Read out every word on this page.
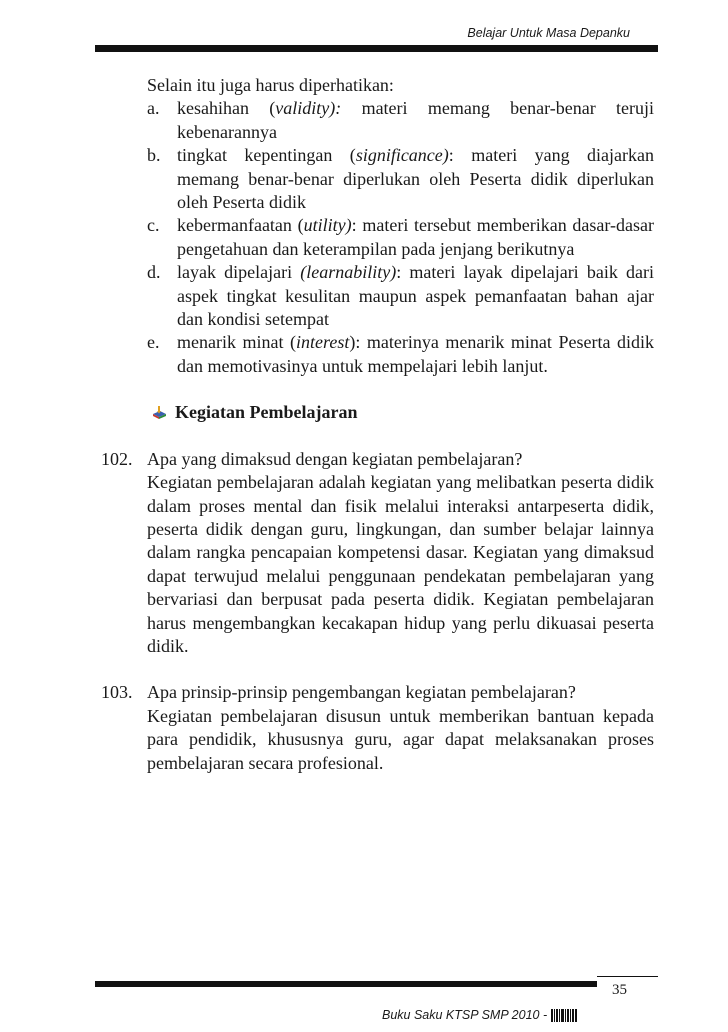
Belajar Untuk Masa Depanku
Selain itu juga harus diperhatikan:
a. kesahihan (validity): materi memang benar-benar teruji kebenarannya
b. tingkat kepentingan (significance): materi yang diajarkan memang benar-benar diperlukan oleh Peserta didik diperlukan oleh Peserta didik
c. kebermanfaatan (utility): materi tersebut memberikan dasar-dasar pengetahuan dan keterampilan pada jenjang berikutnya
d. layak dipelajari (learnability): materi layak dipelajari baik dari aspek tingkat kesulitan maupun aspek pemanfaatan bahan ajar dan kondisi setempat
e. menarik minat (interest): materinya menarik minat Peserta didik dan memotivasinya untuk mempelajari lebih lanjut.
Kegiatan Pembelajaran
102. Apa yang dimaksud dengan kegiatan pembelajaran?
Kegiatan pembelajaran adalah kegiatan yang melibatkan peserta didik dalam proses mental dan fisik melalui interaksi antarpeserta didik, peserta didik dengan guru, lingkungan, dan sumber belajar lainnya dalam rangka pencapaian kompetensi dasar. Kegiatan yang dimaksud dapat terwujud melalui penggunaan pendekatan pembelajaran yang bervariasi dan berpusat pada peserta didik. Kegiatan pembelajaran harus mengembangkan kecakapan hidup yang perlu dikuasai peserta didik.
103. Apa prinsip-prinsip pengembangan kegiatan pembelajaran?
Kegiatan pembelajaran disusun untuk memberikan bantuan kepada para pendidik, khususnya guru, agar dapat melaksanakan proses pembelajaran secara profesional.
35
Buku Saku KTSP SMP 2010 -
